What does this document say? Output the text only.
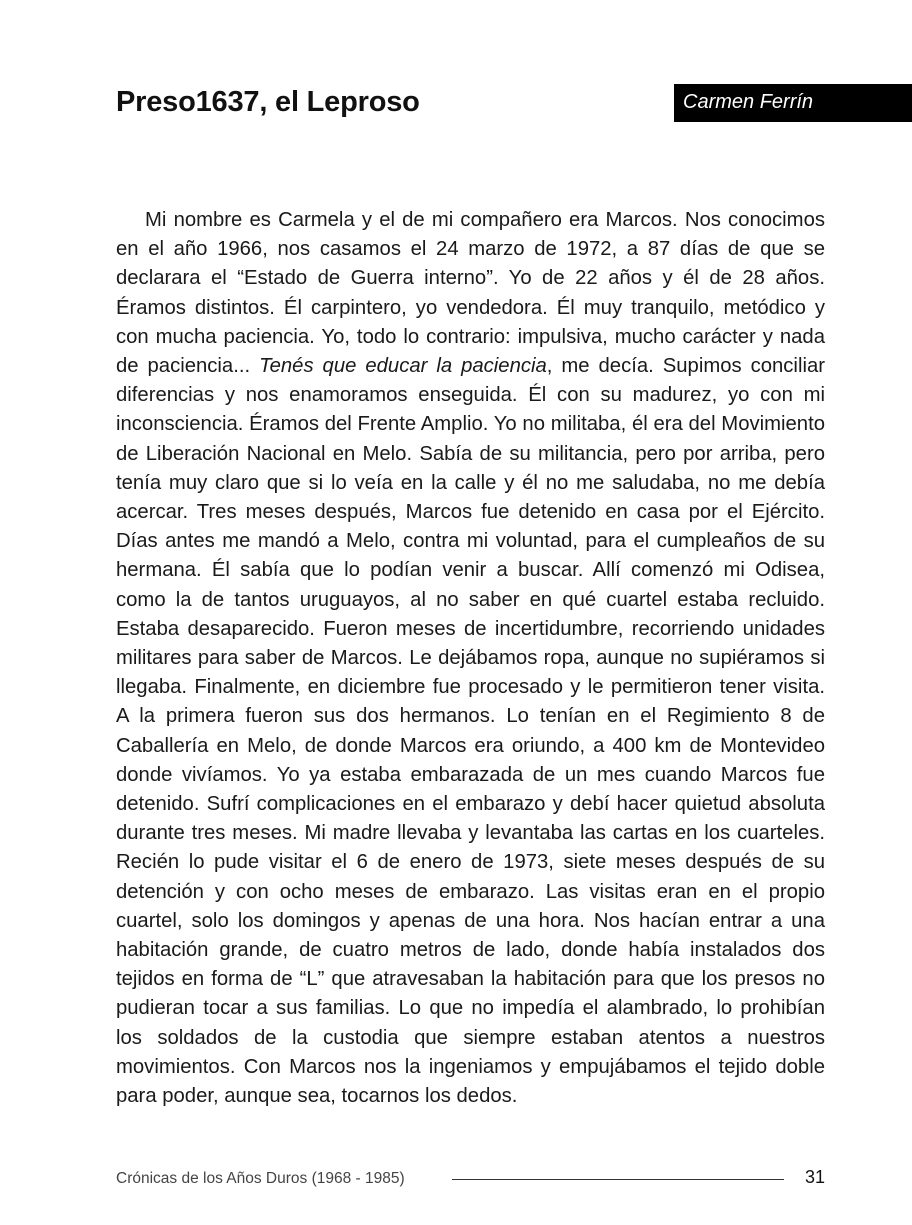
Preso1637, el Leproso	Carmen Ferrín

Mi nombre es Carmela y el de mi compañero era Marcos. Nos conocimos en el año 1966, nos casamos el 24 marzo de 1972, a 87 días de que se declarara el “Estado de Guerra interno”. Yo de 22 años y él de 28 años. Éramos distintos. Él carpintero, yo vendedora. Él muy tranquilo, metódico y con mucha paciencia. Yo, todo lo contrario: impulsiva, mucho carácter y nada de paciencia... Tenés que educar la paciencia, me decía. Supimos conciliar diferencias y nos enamoramos enseguida. Él con su madurez, yo con mi inconsciencia. Éramos del Frente Amplio. Yo no militaba, él era del Movimiento de Liberación Nacional en Melo. Sabía de su militancia, pero por arriba, pero tenía muy claro que si lo veía en la calle y él no me saludaba, no me debía acercar. Tres meses después, Marcos fue detenido en casa por el Ejército. Días antes me mandó a Melo, contra mi voluntad, para el cumpleaños de su hermana. Él sabía que lo podían venir a buscar. Allí comenzó mi Odisea, como la de tantos uruguayos, al no saber en qué cuartel estaba recluido. Estaba desaparecido. Fueron meses de incertidumbre, recorriendo unidades militares para saber de Marcos. Le dejábamos ropa, aunque no supiéramos si llegaba. Finalmente, en diciembre fue procesado y le permitieron tener visita. A la primera fueron sus dos hermanos. Lo tenían en el Regimiento 8 de Caballería en Melo, de donde Marcos era oriundo, a 400 km de Montevideo donde vivíamos. Yo ya estaba embarazada de un mes cuando Marcos fue detenido. Sufrí complicaciones en el embarazo y debí hacer quietud absoluta durante tres meses. Mi madre llevaba y levantaba las cartas en los cuarteles. Recién lo pude visitar el 6 de enero de 1973, siete meses después de su detención y con ocho meses de embarazo. Las visitas eran en el propio cuartel, solo los domingos y apenas de una hora. Nos hacían entrar a una habitación grande, de cuatro metros de lado, donde había instalados dos tejidos en forma de “L” que atravesaban la habitación para que los presos no pudieran tocar a sus familias. Lo que no impedía el alambrado, lo prohibían los soldados de la custodia que siempre estaban atentos a nuestros movimientos. Con Marcos nos la ingeniamos y empujábamos el tejido doble para poder, aunque sea, tocarnos los dedos.

Crónicas de los Años Duros (1968 - 1985)	31
